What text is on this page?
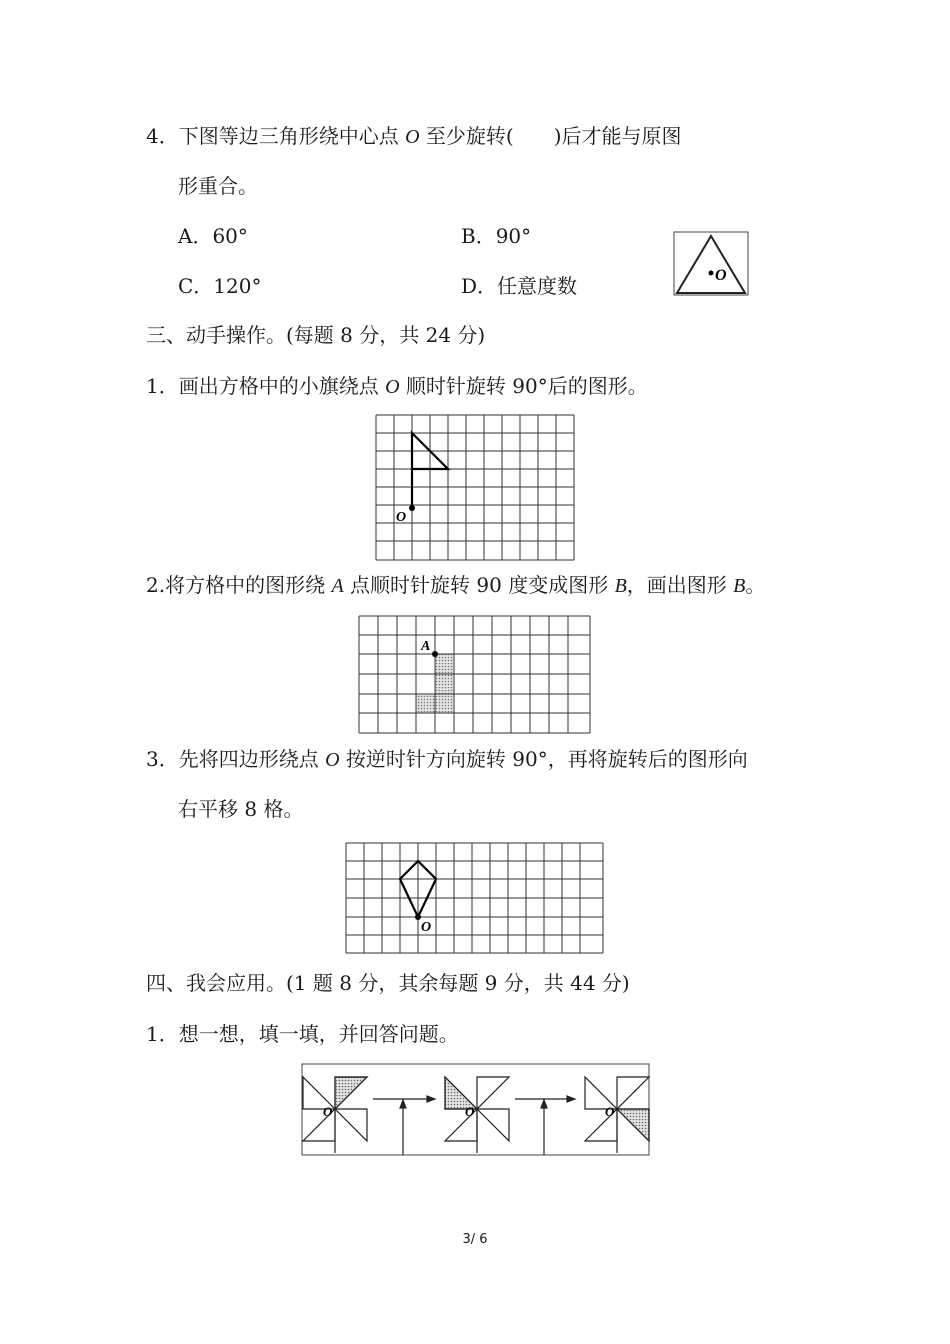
4．下图等边三角形绕中心点 O 至少旋转(　　)后才能与原图
形重合。
A．60°	B．90°
C．120°	D．任意度数	O
三、动手操作。(每题 8 分，共 24 分)
1．画出方格中的小旗绕点 O 顺时针旋转 90°后的图形。
O
2.将方格中的图形绕 A 点顺时针旋转 90 度变成图形 B，画出图形 B。
A
3．先将四边形绕点 O 按逆时针方向旋转 90°，再将旋转后的图形向
右平移 8 格。
O
四、我会应用。(1 题 8 分，其余每题 9 分，共 44 分)
1．想一想，填一填，并回答问题。
O	O	O
3/ 6
